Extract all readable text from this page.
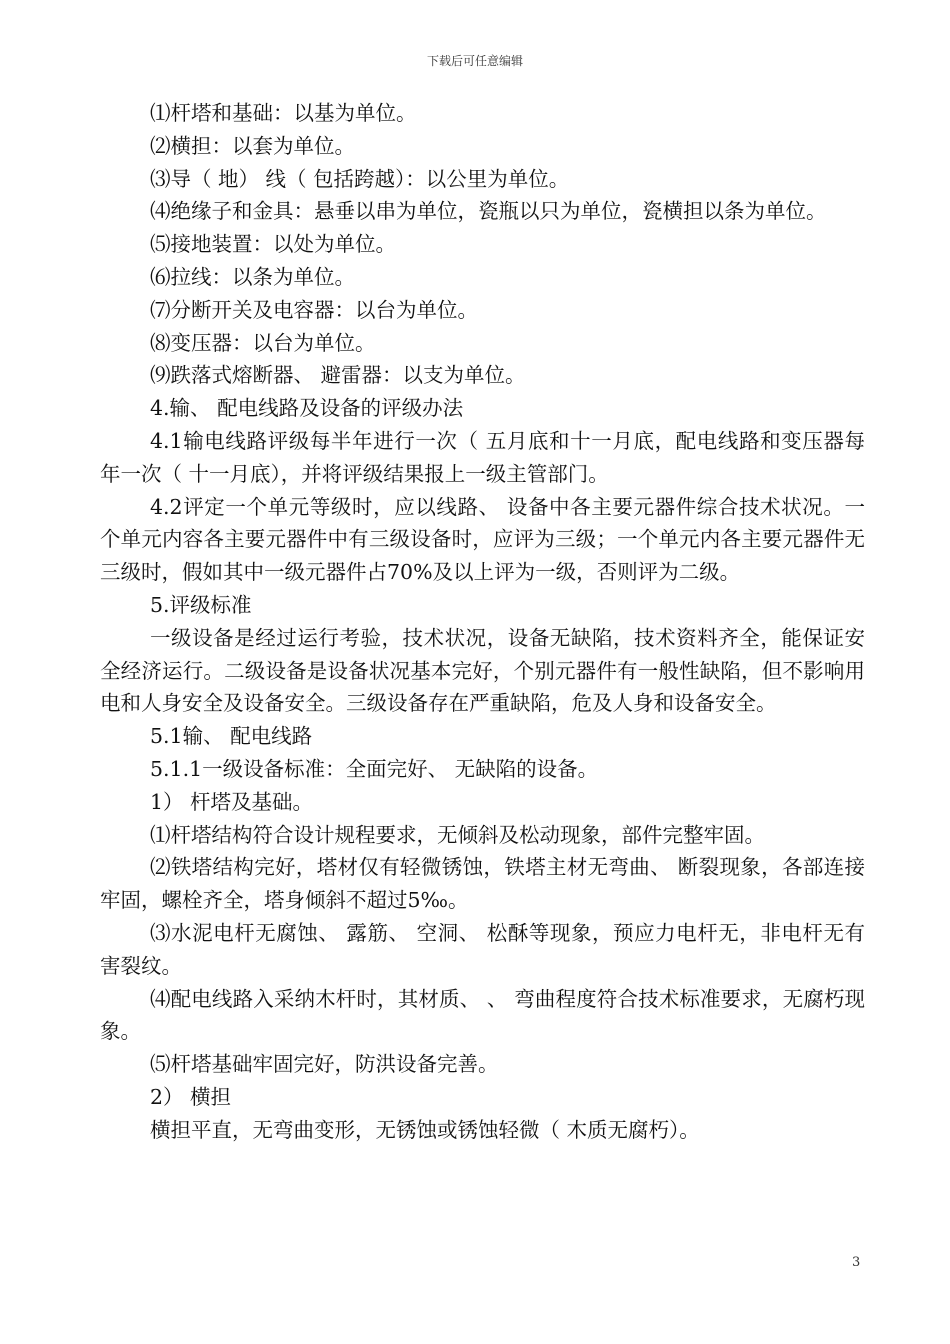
下载后可任意编辑

⑴杆塔和基础：以基为单位。

⑵横担：以套为单位。

⑶导（ 地） 线（ 包括跨越）：以公里为单位。

⑷绝缘子和金具：悬垂以串为单位，瓷瓶以只为单位，瓷横担以条为单位。

⑸接地装置：以处为单位。

⑹拉线：以条为单位。

⑺分断开关及电容器：以台为单位。

⑻变压器：以台为单位。

⑼跌落式熔断器、 避雷器：以支为单位。

4.输、 配电线路及设备的评级办法

4.1输电线路评级每半年进行一次（ 五月底和十一月底，配电线路和变压器每年一次（ 十一月底），并将评级结果报上一级主管部门。

4.2评定一个单元等级时，应以线路、 设备中各主要元器件综合技术状况。一个单元内容各主要元器件中有三级设备时，应评为三级；一个单元内各主要元器件无三级时，假如其中一级元器件占70%及以上评为一级，否则评为二级。

5.评级标准

一级设备是经过运行考验，技术状况，设备无缺陷，技术资料齐全，能保证安全经济运行。二级设备是设备状况基本完好，个别元器件有一般性缺陷，但不影响用电和人身安全及设备安全。三级设备存在严重缺陷，危及人身和设备安全。

5.1输、 配电线路

5.1.1一级设备标准：全面完好、 无缺陷的设备。

1） 杆塔及基础。

⑴杆塔结构符合设计规程要求，无倾斜及松动现象，部件完整牢固。

⑵铁塔结构完好，塔材仅有轻微锈蚀，铁塔主材无弯曲、 断裂现象，各部连接牢固，螺栓齐全，塔身倾斜不超过5‰。

⑶水泥电杆无腐蚀、 露筋、 空洞、 松酥等现象，预应力电杆无，非电杆无有害裂纹。

⑷配电线路入采纳木杆时，其材质、 、 弯曲程度符合技术标准要求，无腐朽现象。

⑸杆塔基础牢固完好，防洪设备完善。

2） 横担

横担平直，无弯曲变形，无锈蚀或锈蚀轻微（ 木质无腐朽）。

3
